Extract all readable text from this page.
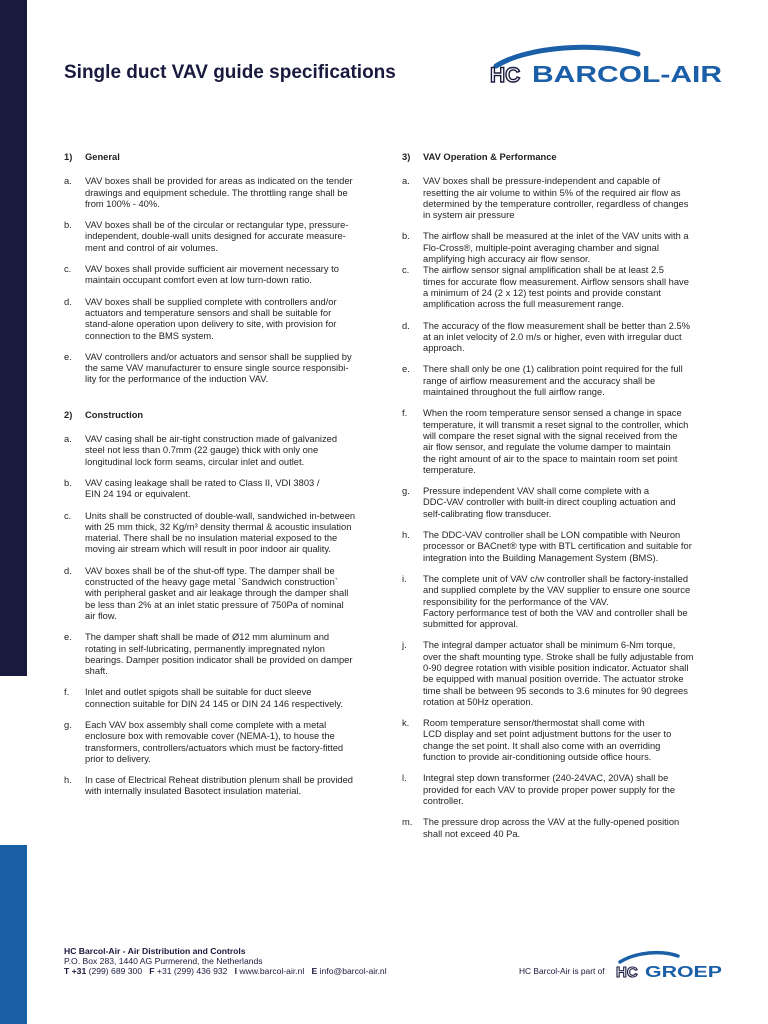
Single duct VAV guide specifications	HC BARCOL-AIR
1)	General
a.	VAV boxes shall be provided for areas as indicated on the tender
drawings and equipment schedule. The throttling range shall be
from 100% - 40%.
b.	VAV boxes shall be of the circular or rectangular type, pressure-
independent, double-wall units designed for accurate measure-
ment and control of air volumes.
c.	VAV boxes shall provide sufficient air movement necessary to
maintain occupant comfort even at low turn-down ratio.
d.	VAV boxes shall be supplied complete with controllers and/or
actuators and temperature sensors and shall be suitable for
stand-alone operation upon delivery to site, with provision for
connection to the BMS system.
e.	VAV controllers and/or actuators and sensor shall be supplied by
the same VAV manufacturer to ensure single source responsibi-
lity for the performance of the induction VAV.
2)	Construction
a.	VAV casing shall be air-tight construction made of galvanized
steel not less than 0.7mm (22 gauge) thick with only one
longitudinal lock form seams, circular inlet and outlet.
b.	VAV casing leakage shall be rated to Class II, VDI 3803 /
EIN 24 194 or equivalent.
c.	Units shall be constructed of double-wall, sandwiched in-between
with 25 mm thick, 32 Kg/m³ density thermal & acoustic insulation
material. There shall be no insulation material exposed to the
moving air stream which will result in poor indoor air quality.
d.	VAV boxes shall be of the shut-off type. The damper shall be
constructed of the heavy gage metal `Sandwich construction`
with peripheral gasket and air leakage through the damper shall
be less than 2% at an inlet static pressure of 750Pa of nominal
air flow.
e.	The damper shaft shall be made of Ø12 mm aluminum and
rotating in self-lubricating, permanently impregnated nylon
bearings. Damper position indicator shall be provided on damper
shaft.
f.	Inlet and outlet spigots shall be suitable for duct sleeve
connection suitable for DIN 24 145 or DIN 24 146 respectively.
g.	Each VAV box assembly shall come complete with a metal
enclosure box with removable cover (NEMA-1), to house the
transformers, controllers/actuators which must be factory-fitted
prior to delivery.
h.	In case of Electrical Reheat distribution plenum shall be provided
with internally insulated Basotect insulation material.
3)	VAV Operation & Performance
a.	VAV boxes shall be pressure-independent and capable of
resetting the air volume to within 5% of the required air flow as
determined by the temperature controller, regardless of changes
in system air pressure
b.	The airflow shall be measured at the inlet of the VAV units with a
Flo-Cross®, multiple-point averaging chamber and signal
amplifying high accuracy air flow sensor.
c.	The airflow sensor signal amplification shall be at least 2.5
times for accurate flow measurement. Airflow sensors shall have
a minimum of 24 (2 x 12) test points and provide constant
amplification across the full measurement range.
d.	The accuracy of the flow measurement shall be better than 2.5%
at an inlet velocity of 2.0 m/s or higher, even with irregular duct
approach.
e.	There shall only be one (1) calibration point required for the full
range of airflow measurement and the accuracy shall be
maintained throughout the full airflow range.
f.	When the room temperature sensor sensed a change in space
temperature, it will transmit a reset signal to the controller, which
will compare the reset signal with the signal received from the
air flow sensor, and regulate the volume damper to maintain
the right amount of air to the space to maintain room set point
temperature.
g.	Pressure independent VAV shall come complete with a
DDC-VAV controller with built-in direct coupling actuation and
self-calibrating flow transducer.
h.	The DDC-VAV controller shall be LON compatible with Neuron
processor or BACnet® type with BTL certification and suitable for
integration into the Building Management System (BMS).
i.	The complete unit of VAV c/w controller shall be factory-installed
and supplied complete by the VAV supplier to ensure one source
responsibility for the performance of the VAV.
Factory performance test of both the VAV and controller shall be
submitted for approval.
j.	The integral damper actuator shall be minimum 6-Nm torque,
over the shaft mounting type. Stroke shall be fully adjustable from
0-90 degree rotation with visible position indicator. Actuator shall
be equipped with manual position override. The actuator stroke
time shall be between 95 seconds to 3.6 minutes for 90 degrees
rotation at 50Hz operation.
k.	Room temperature sensor/thermostat shall come with
LCD display and set point adjustment buttons for the user to
change the set point. It shall also come with an overriding
function to provide air-conditioning outside office hours.
l.	Integral step down transformer (240-24VAC, 20VA) shall be
provided for each VAV to provide proper power supply for the
controller.
m.	The pressure drop across the VAV at the fully-opened position
shall not exceed 40 Pa.
HC Barcol-Air - Air Distribution and Controls
P.O. Box 283, 1440 AG Purmerend, the Netherlands
T +31 (299) 689 300 F +31 (299) 436 932 I www.barcol-air.nl E info@barcol-air.nl	HC Barcol-Air is part of HC GROEP
